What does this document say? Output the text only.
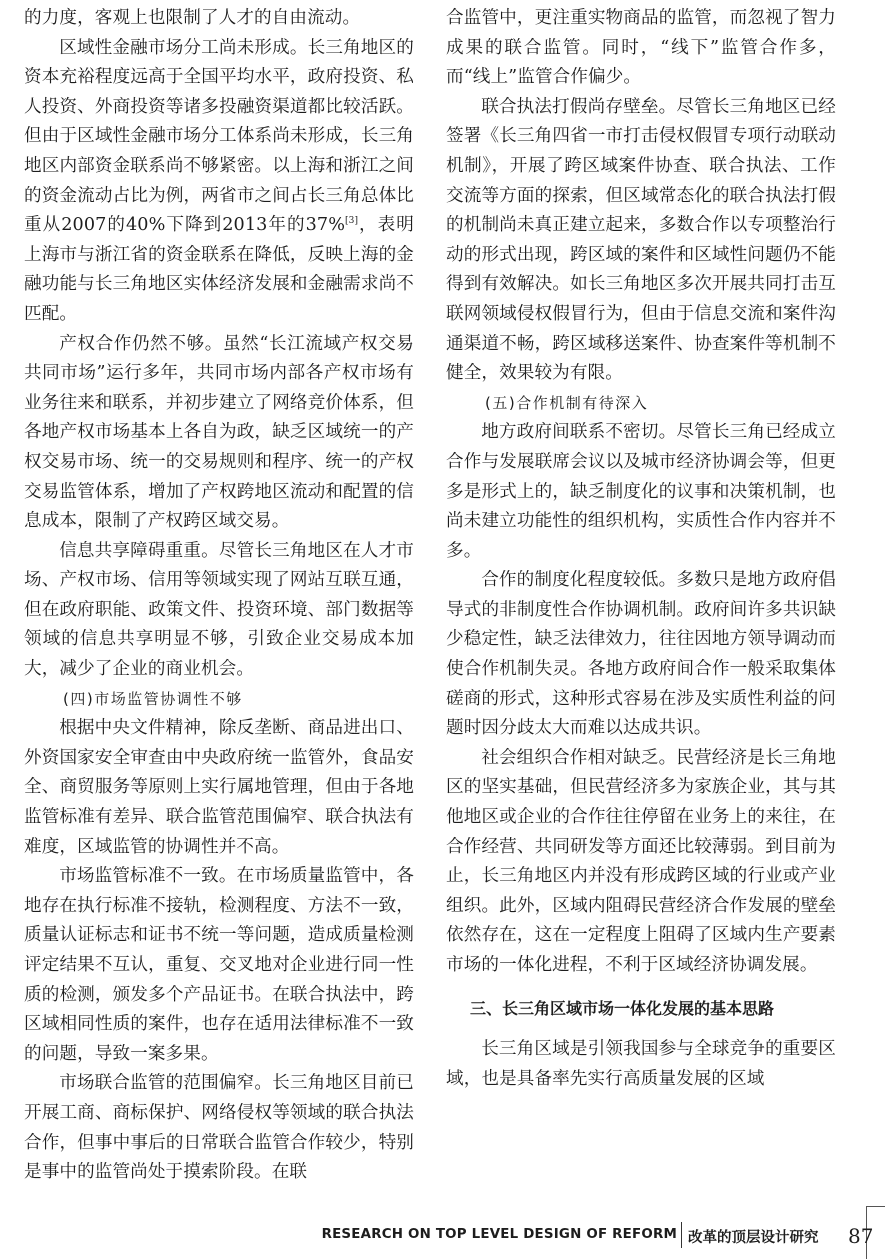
的力度，客观上也限制了人才的自由流动。

区域性金融市场分工尚未形成。长三角地区的资本充裕程度远高于全国平均水平，政府投资、私人投资、外商投资等诸多投融资渠道都比较活跃。但由于区域性金融市场分工体系尚未形成，长三角地区内部资金联系尚不够紧密。以上海和浙江之间的资金流动占比为例，两省市之间占长三角总体比重从2007的40%下降到2013年的37%[3]，表明上海市与浙江省的资金联系在降低，反映上海的金融功能与长三角地区实体经济发展和金融需求尚不匹配。

产权合作仍然不够。虽然“长江流域产权交易共同市场”运行多年，共同市场内部各产权市场有业务往来和联系，并初步建立了网络竞价体系，但各地产权市场基本上各自为政，缺乏区域统一的产权交易市场、统一的交易规则和程序、统一的产权交易监管体系，增加了产权跨地区流动和配置的信息成本，限制了产权跨区域交易。

信息共享障碍重重。尽管长三角地区在人才市场、产权市场、信用等领域实现了网站互联互通，但在政府职能、政策文件、投资环境、部门数据等领域的信息共享明显不够，引致企业交易成本加大，减少了企业的商业机会。

(四)市场监管协调性不够

根据中央文件精神，除反垄断、商品进出口、外资国家安全审查由中央政府统一监管外，食品安全、商贸服务等原则上实行属地管理，但由于各地监管标准有差异、联合监管范围偏窄、联合执法有难度，区域监管的协调性并不高。

市场监管标准不一致。在市场质量监管中，各地存在执行标准不接轨，检测程度、方法不一致，质量认证标志和证书不统一等问题，造成质量检测评定结果不互认，重复、交叉地对企业进行同一性质的检测，颁发多个产品证书。在联合执法中，跨区域相同性质的案件，也存在适用法律标准不一致的问题，导致一案多果。

市场联合监管的范围偏窄。长三角地区目前已开展工商、商标保护、网络侵权等领域的联合执法合作，但事中事后的日常联合监管合作较少，特别是事中的监管尚处于摸索阶段。在联

合监管中，更注重实物商品的监管，而忽视了智力成果的联合监管。同时，“线下”监管合作多，而“线上”监管合作偏少。

联合执法打假尚存壁垒。尽管长三角地区已经签署《长三角四省一市打击侵权假冒专项行动联动机制》，开展了跨区域案件协查、联合执法、工作交流等方面的探索，但区域常态化的联合执法打假的机制尚未真正建立起来，多数合作以专项整治行动的形式出现，跨区域的案件和区域性问题仍不能得到有效解决。如长三角地区多次开展共同打击互联网领域侵权假冒行为，但由于信息交流和案件沟通渠道不畅，跨区域移送案件、协查案件等机制不健全，效果较为有限。

(五)合作机制有待深入

地方政府间联系不密切。尽管长三角已经成立合作与发展联席会议以及城市经济协调会等，但更多是形式上的，缺乏制度化的议事和决策机制，也尚未建立功能性的组织机构，实质性合作内容并不多。

合作的制度化程度较低。多数只是地方政府倡导式的非制度性合作协调机制。政府间许多共识缺少稳定性，缺乏法律效力，往往因地方领导调动而使合作机制失灵。各地方政府间合作一般采取集体磋商的形式，这种形式容易在涉及实质性利益的问题时因分歧太大而难以达成共识。

社会组织合作相对缺乏。民营经济是长三角地区的坚实基础，但民营经济多为家族企业，其与其他地区或企业的合作往往停留在业务上的来往，在合作经营、共同研发等方面还比较薄弱。到目前为止，长三角地区内并没有形成跨区域的行业或产业组织。此外，区域内阻碍民营经济合作发展的壁垒依然存在，这在一定程度上阻碍了区域内生产要素市场的一体化进程，不利于区域经济协调发展。

三、长三角区域市场一体化发展的基本思路

长三角区域是引领我国参与全球竞争的重要区域，也是具备率先实行高质量发展的区域

RESEARCH ON TOP LEVEL DESIGN OF REFORM 改革的顶层设计研究 87
